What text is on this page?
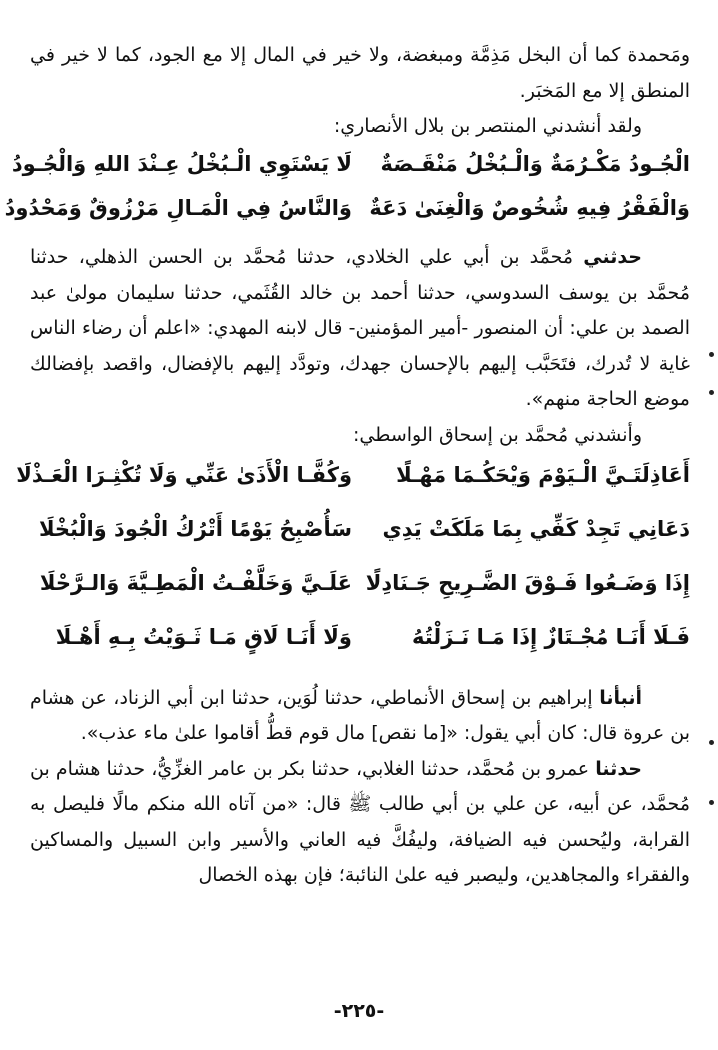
ومَحمدة كما أن البخل مَذِمَّة ومبغضة، ولا خير في المال إلا مع الجود، كما لا خير في المنطق إلا مع المَخبَر.

ولقد أنشدني المنتصر بن بلال الأنصاري:

الْجُـودُ مَكْـرُمَةٌ وَالْـبُخْلُ مَنْقَـصَةٌ
لَا يَسْتَوِي الْـبُخْلُ عِـنْدَ اللهِ وَالْجُـودُ
وَالْفَقْرُ فِيهِ شُخُوصٌ وَالْغِنَىٰ دَعَةٌ
وَالنَّاسُ فِي الْمَـالِ مَرْزُوقٌ وَمَحْدُودُ

حدثني مُحمَّد بن أبي علي الخلادي، حدثنا مُحمَّد بن الحسن الذهلي، حدثنا مُحمَّد بن يوسف السدوسي، حدثنا أحمد بن خالد القُثَمي، حدثنا سليمان مولىٰ عبد الصمد بن علي: أن المنصور -أمير المؤمنين- قال لابنه المهدي: «اعلم أن رضاء الناس غاية لا تُدرك، فتَحَبَّب إليهم بالإحسان جهدك، وتودَّد إليهم بالإفضال، واقصد بإفضالك موضع الحاجة منهم».

وأنشدني مُحمَّد بن إسحاق الواسطي:

أَعَاذِلَتَـيَّ الْـيَوْمَ وَيْحَكُـمَا مَهْـلًا
وَكُفَّـا الْأَذَىٰ عَنِّي وَلَا تُكْثِـرَا الْعَـذْلَا
دَعَانِي تَجِدْ كَفِّي بِمَا مَلَكَتْ يَدِي
سَأُصْبِحُ يَوْمًا أَتْرُكُ الْجُودَ وَالْبُخْلَا
إِذَا وَضَـعُوا فَـوْقَ الضَّـرِيحِ جَـنَادِلًا
عَلَـيَّ وَخَلَّفْـتُ الْمَطِـيَّةَ وَالـرَّحْلَا
فَـلَا أَنَـا مُجْـتَازٌ إِذَا مَـا نَـزَلْتُهُ
وَلَا أَنَـا لَاقٍ مَـا ثَـوَيْتُ بِـهِ أَهْـلَا

أنبأنا إبراهيم بن إسحاق الأنماطي، حدثنا لُوَين، حدثنا ابن أبي الزناد، عن هشام بن عروة قال: كان أبي يقول: «[ما نقص] مال قوم قطُّ أقاموا علىٰ ماء عذب».

حدثنا عمرو بن مُحمَّد، حدثنا الغلابي، حدثنا بكر بن عامر الغزِّيُّ، حدثنا هشام بن مُحمَّد، عن أبيه، عن علي بن أبي طالب ﷺ قال: «من آتاه الله منكم مالًا فليصل به القرابة، وليُحسن فيه الضيافة، وليفُكَّ فيه العاني والأسير وابن السبيل والمساكين والفقراء والمجاهدين، وليصبر فيه علىٰ النائبة؛ فإن بهذه الخصال

-٢٢٥-
